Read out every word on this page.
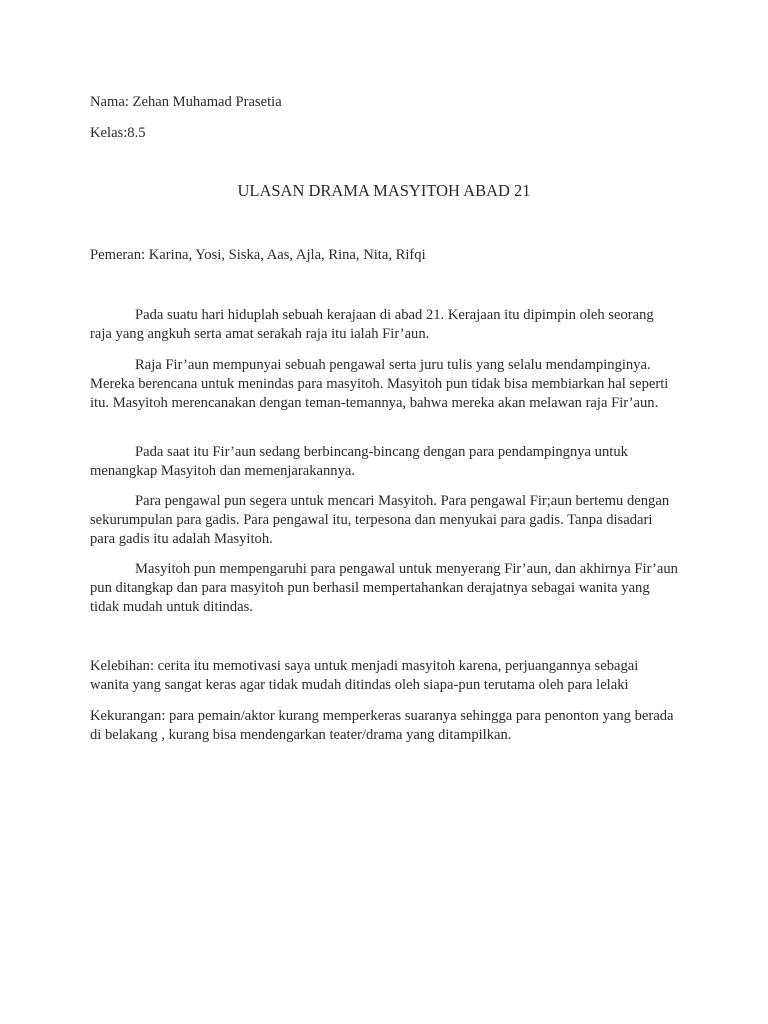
Nama: Zehan Muhamad Prasetia
Kelas:8.5
ULASAN DRAMA MASYITOH ABAD 21
Pemeran: Karina, Yosi, Siska, Aas, Ajla, Rina, Nita, Rifqi

Pada suatu hari hiduplah sebuah kerajaan di abad 21. Kerajaan itu dipimpin oleh seorang raja yang angkuh serta amat serakah raja itu ialah Fir’aun.

Raja Fir’aun mempunyai sebuah pengawal serta juru tulis yang selalu mendampinginya. Mereka berencana untuk menindas para masyitoh. Masyitoh pun tidak bisa membiarkan hal seperti itu. Masyitoh merencanakan dengan teman-temannya, bahwa mereka akan melawan raja Fir’aun.

Pada saat itu Fir’aun sedang berbincang-bincang dengan para pendampingnya untuk menangkap Masyitoh dan memenjarakannya.

Para pengawal pun segera untuk mencari Masyitoh. Para pengawal Fir;aun bertemu dengan sekurumpulan para gadis. Para pengawal itu, terpesona dan menyukai para gadis. Tanpa disadari para gadis itu adalah Masyitoh.

Masyitoh pun mempengaruhi para pengawal untuk menyerang Fir’aun, dan akhirnya Fir’aun pun ditangkap dan para masyitoh pun berhasil mempertahankan derajatnya sebagai wanita yang tidak mudah untuk ditindas.

Kelebihan: cerita itu memotivasi saya untuk menjadi masyitoh karena, perjuangannya sebagai wanita yang sangat keras agar tidak mudah ditindas oleh siapa-pun terutama oleh para lelaki

Kekurangan: para pemain/aktor kurang memperkeras suaranya sehingga para penonton yang berada di belakang , kurang bisa mendengarkan teater/drama yang ditampilkan.
